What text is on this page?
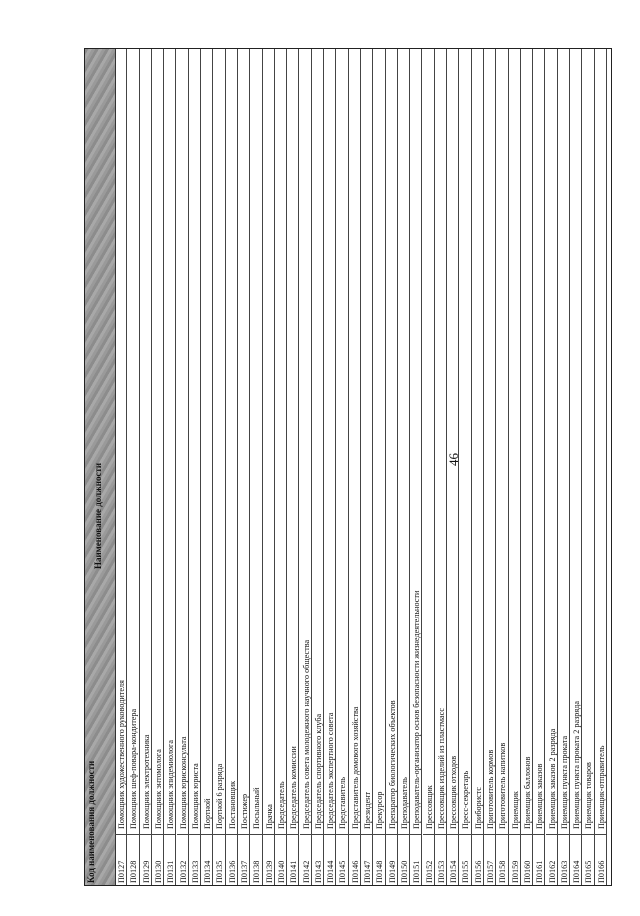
46
Код наименования должности
Наименование должности
П0127
Помощник художественного руководителя
П0128
Помощник шеф-повара-кондитера
П0129
Помощник электротехника
П0130
Помощник энтомолога
П0131
Помощник эпидемиолога
П0132
Помощник юрисконсульта
П0133
Помощник юриста
П0134
Портной
П0135
Портной 6 разряда
П0136
Постановщик
П0137
Постижер
П0138
Посыльный
П0139
Прачка
П0140
Председатель
П0141
Председатель комиссии
П0142
Председатель совета молодежного научного общества
П0143
Председатель спортивного клуба
П0144
Председатель экспертного совета
П0145
Представитель
П0146
Представитель домового хозяйства
П0147
Президент
П0148
Прекурсор
П0149
Препаратор биологических объектов
П0150
Преподаватель
П0151
Преподаватель-организатор основ безопасности жизнедеятельности
П0152
Прессовщик
П0153
Прессовщик изделий из пластмасс
П0154
Прессовщик отходов
П0155
Пресс-секретарь
П0156
Прибористс
П0157
Приготовитель кормов
П0158
Приготовитель напитков
П0159
Приемщик
П0160
Приемщик баллонов
П0161
Приемщик заказов
П0162
Приемщик заказов 2 разряда
П0163
Приемщик пункта проката
П0164
Приемщик пункта проката 2 разряда
П0165
Приемщик товаров
П0166
Приемщик-отправитель
